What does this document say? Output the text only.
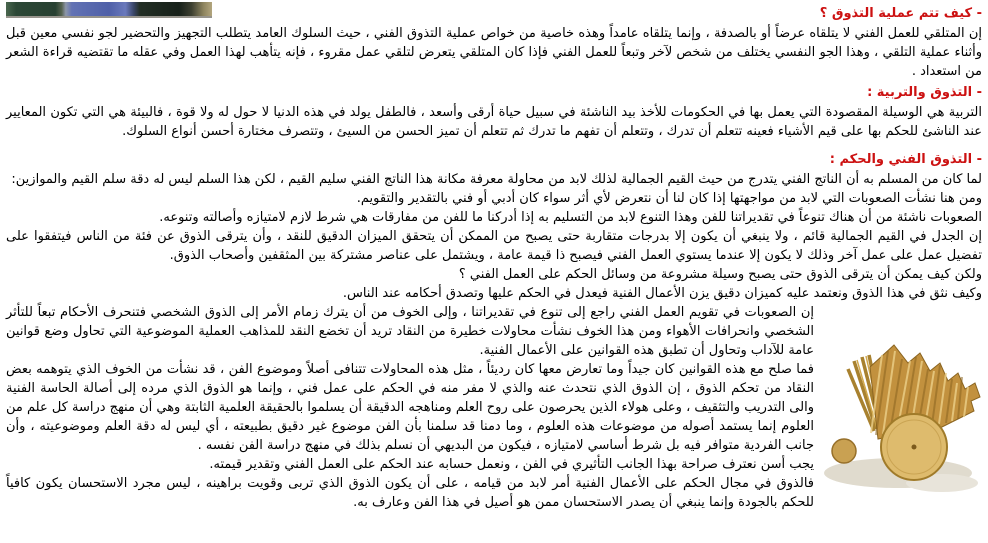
- كيف تتم عملية التذوق ؟

إن المتلقي للعمل الفني لا يتلقاه عرضاً أو بالصدفة ، وإنما يتلقاه عامداً وهذه خاصية من خواص عملية التذوق الفني ، حيث السلوك العامد يتطلب التجهيز والتحضير لجو نفسي معين قبل وأثناء عملية التلقي ، وهذا الجو النفسي يختلف من شخص لآخر وتبعاً للعمل الفني فإذا كان المتلقي يتعرض لتلقي عمل مقروء ، فإنه يتأهب لهذا العمل وفي عقله ما تقتضيه قراءة الشعر من استعداد .

- التذوق والتربية :

التربية هي الوسيلة المقصودة التي يعمل بها في الحكومات للأخذ بيد الناشئة في سبيل حياة أرقى وأسعد ، فالطفل يولد في هذه الدنيا لا حول له ولا قوة ، فالبيئة هي التي تكون المعايير عند الناشئ للحكم بها على قيم الأشياء فعينه تتعلم أن تدرك ، وتتعلم أن تفهم ما تدرك ثم تتعلم أن تميز الحسن من السيئ ، وتتصرف مختارة أحسن أنواع السلوك.

- التذوق الفني والحكم :

لما كان من المسلم به أن الناتج الفني يتدرج من حيث القيم الجمالية لذلك لابد من محاولة معرفة مكانة هذا الناتج الفني سليم القيم ، لكن هذا السلم ليس له دقة سلم القيم والموازين:

ومن هنا نشأت الصعوبات التي لابد من مواجهتها إذا كان لنا أن نتعرض لأي أثر سواء كان أدبي أو فني بالتقدير والتقويم.

الصعوبات ناشئة من أن هناك تنوعاً في تقديراتنا للفن وهذا التنوع لابد من التسليم به إذا أدركنا ما للفن من مفارقات هي شرط لازم لامتيازه وأصالته وتنوعه.

إن الجدل في القيم الجمالية قائم ، ولا ينبغي أن يكون إلا بدرجات متقاربة حتى يصبح من الممكن أن يتحقق الميزان الدقيق للنقد ، وأن يترقى الذوق عن فئة من الناس فيتفقوا على تفضيل عمل على عمل آخر وذلك لا يكون إلا عندما يستوي العمل الفني فيصبح ذا قيمة عامة ، ويشتمل على عناصر مشتركة بين المثقفين وأصحاب الذوق.

ولكن كيف يمكن أن يترقى الذوق حتى يصبح وسيلة مشروعة من وسائل الحكم على العمل الفني ؟

وكيف نثق في هذا الذوق ونعتمد عليه كميزان دقيق يزن الأعمال الفنية فيعدل في الحكم عليها وتصدق أحكامه عند الناس.

إن الصعوبات في تقويم العمل الفني راجع إلى تنوع في تقديراتنا ، وإلى الخوف من أن يترك زمام الأمر إلى الذوق الشخصي فتنحرف الأحكام تبعاً للتأثر الشخصي وانحرافات الأهواء ومن هذا الخوف نشأت محاولات خطيرة من النقاد تريد أن تخضع النقد للمذاهب العملية الموضوعية التي تحاول وضع قوانين عامة للآداب وتحاول أن تطبق هذه القوانين على الأعمال الفنية.

فما صلح مع هذه القوانين كان جيداً وما تعارض معها كان رديئاً ، مثل هذه المحاولات تتنافى أصلاً وموضوع الفن ، قد نشأت من الخوف الذي يتوهمه بعض النقاد من تحكم الذوق ، إن الذوق الذي نتحدث عنه والذي لا مفر منه في الحكم على عمل فني ، وإنما هو الذوق الذي مرده إلى أصالة الحاسة الفنية والى التدريب والتثقيف ، وعلى هولاء الذين يحرصون على روح العلم ومناهجه الدقيقة أن يسلموا بالحقيقة العلمية الثابتة وهي أن منهج دراسة كل علم من العلوم إنما يستمد أصوله من موضوعات هذه العلوم ، وما دمنا قد سلمنا بأن الفن موضوع غير دقيق بطبيعته ، أي ليس له دقة العلم وموضوعيته ، وأن جانب الفردية متوافر فيه بل شرط أساسي لامتيازه ، فيكون من البديهي أن نسلم بذلك في منهج دراسة الفن نفسه .

يجب أسن نعترف صراحة بهذا الجانب التأثيري في الفن ، ونعمل حسابه عند الحكم على العمل الفني وتقدير قيمته.

فالذوق في مجال الحكم على الأعمال الفنية أمر لابد من قيامه ، على أن يكون الذوق الذي تربى وقويت براهينه ، ليس مجرد الاستحسان يكون كافياً للحكم بالجودة وإنما ينبغي أن يصدر الاستحسان ممن هو أصيل في هذا الفن وعارف به.
